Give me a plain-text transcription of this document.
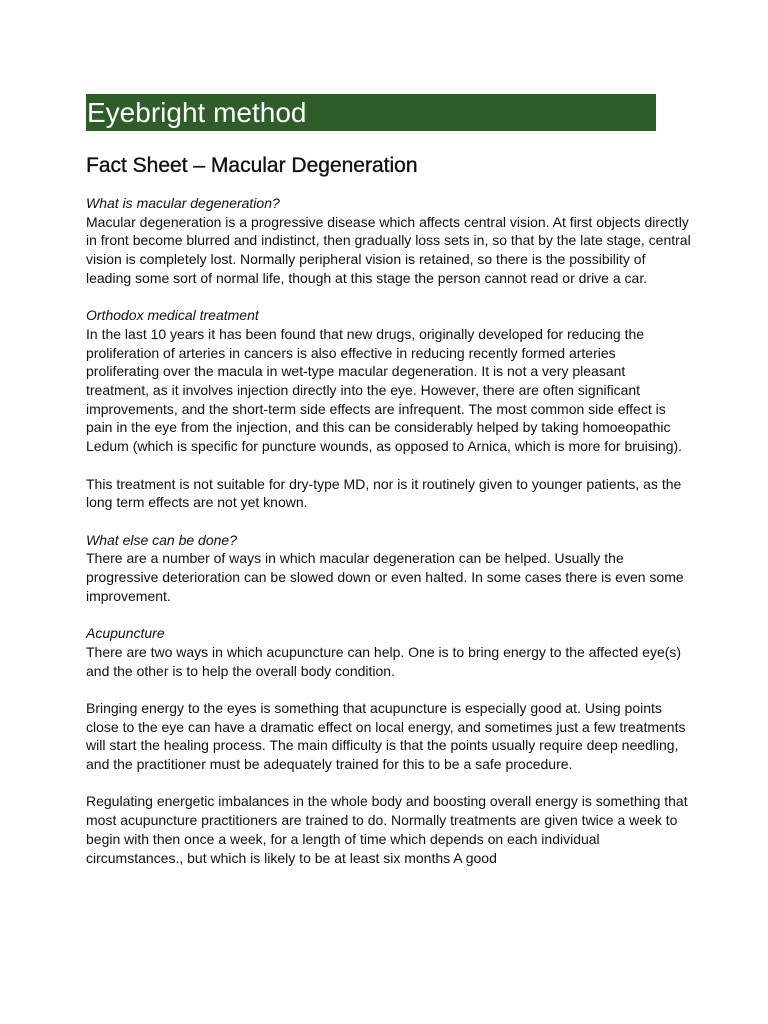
Eyebright method
Fact Sheet – Macular Degeneration

What is macular degeneration?

Macular degeneration is a progressive disease which affects central vision. At first objects directly in front become blurred and indistinct, then gradually loss sets in, so that by the late stage, central vision is completely lost. Normally peripheral vision is retained, so there is the possibility of leading some sort of normal life, though at this stage the person cannot read or drive a car.

Orthodox medical treatment

In the last 10 years it has been found that new drugs, originally developed for reducing the proliferation of arteries in cancers is also effective in reducing recently formed arteries proliferating over the macula in wet-type macular degeneration. It is not a very pleasant treatment, as it involves injection directly into the eye. However, there are often significant improvements, and the short-term side effects are infrequent. The most common side effect is pain in the eye from the injection, and this can be considerably helped by taking homoeopathic Ledum (which is specific for puncture wounds, as opposed to Arnica, which is more for bruising).

This treatment is not suitable for dry-type MD, nor is it routinely given to younger patients, as the long term effects are not yet known.

What else can be done?

There are a number of ways in which macular degeneration can be helped. Usually the progressive deterioration can be slowed down or even halted. In some cases there is even some improvement.

Acupuncture

There are two ways in which acupuncture can help. One is to bring energy to the affected eye(s) and the other is to help the overall body condition.

Bringing energy to the eyes is something that acupuncture is especially good at. Using points close to the eye can have a dramatic effect on local energy, and sometimes just a few treatments will start the healing process. The main difficulty is that the points usually require deep needling, and the practitioner must be adequately trained for this to be a safe procedure.

Regulating energetic imbalances in the whole body and boosting overall energy is something that most acupuncture practitioners are trained to do. Normally treatments are given twice a week to begin with then once a week, for a length of time which depends on each individual circumstances., but which is likely to be at least six months A good
